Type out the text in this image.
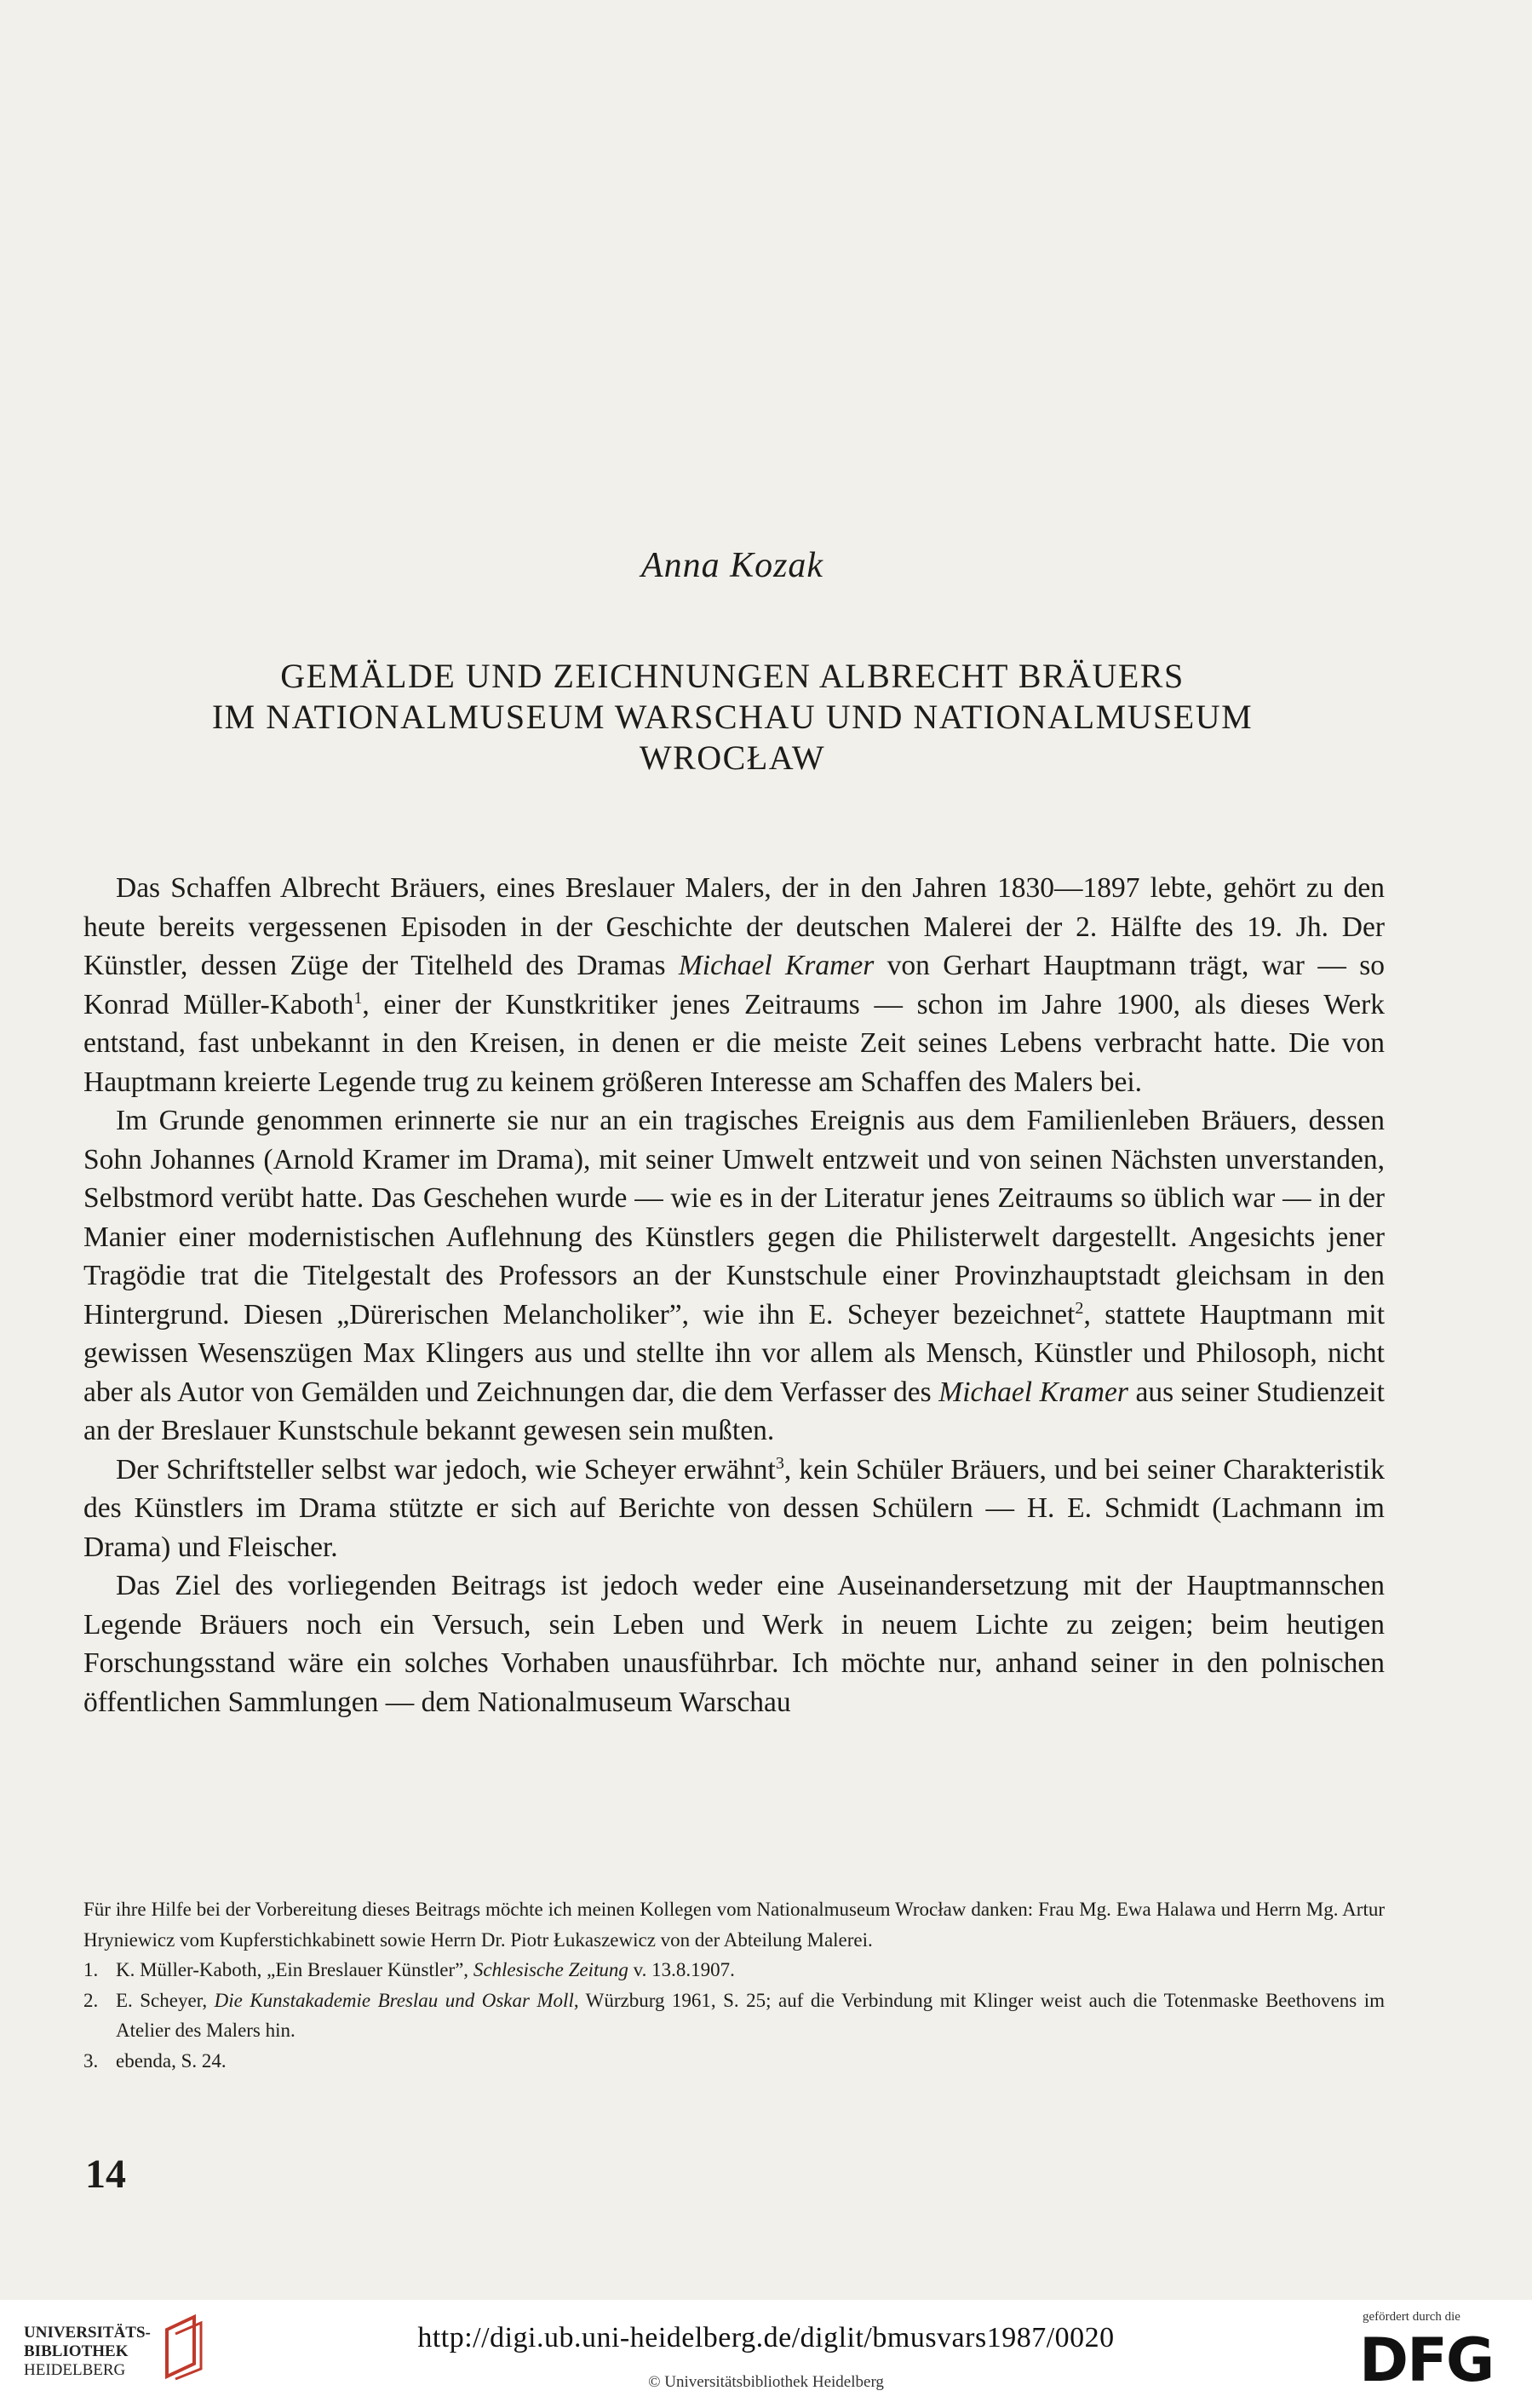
Anna Kozak
GEMÄLDE UND ZEICHNUNGEN ALBRECHT BRÄUERS
IM NATIONALMUSEUM WARSCHAU UND NATIONALMUSEUM
WROCŁAW

Das Schaffen Albrecht Bräuers, eines Breslauer Malers, der in den Jahren 1830—1897 lebte, gehört zu den heute bereits vergessenen Episoden in der Geschichte der deutschen Malerei der 2. Hälfte des 19. Jh. Der Künstler, dessen Züge der Titelheld des Dramas Michael Kramer von Gerhart Hauptmann trägt, war — so Konrad Müller-Kaboth$^1$, einer der Kunstkritiker jenes Zeitraums — schon im Jahre 1900, als dieses Werk entstand, fast unbekannt in den Kreisen, in denen er die meiste Zeit seines Lebens verbracht hatte. Die von Hauptmann kreierte Legende trug zu keinem größeren Interesse am Schaffen des Malers bei.

Im Grunde genommen erinnerte sie nur an ein tragisches Ereignis aus dem Familienleben Bräuers, dessen Sohn Johannes (Arnold Kramer im Drama), mit seiner Umwelt entzweit und von seinen Nächsten unverstanden, Selbstmord verübt hatte. Das Geschehen wurde — wie es in der Literatur jenes Zeitraums so üblich war — in der Manier einer modernistischen Auflehnung des Künstlers gegen die Philisterwelt dargestellt. Angesichts jener Tragödie trat die Titelgestalt des Professors an der Kunstschule einer Provinzhauptstadt gleichsam in den Hintergrund. Diesen „Dürerischen Melancholiker”, wie ihn E. Scheyer bezeichnet$^2$, stattete Hauptmann mit gewissen Wesenszügen Max Klingers aus und stellte ihn vor allem als Mensch, Künstler und Philosoph, nicht aber als Autor von Gemälden und Zeichnungen dar, die dem Verfasser des Michael Kramer aus seiner Studienzeit an der Breslauer Kunstschule bekannt gewesen sein mußten.

Der Schriftsteller selbst war jedoch, wie Scheyer erwähnt$^3$, kein Schüler Bräuers, und bei seiner Charakteristik des Künstlers im Drama stützte er sich auf Berichte von dessen Schülern — H. E. Schmidt (Lachmann im Drama) und Fleischer.

Das Ziel des vorliegenden Beitrags ist jedoch weder eine Auseinandersetzung mit der Hauptmannschen Legende Bräuers noch ein Versuch, sein Leben und Werk in neuem Lichte zu zeigen; beim heutigen Forschungsstand wäre ein solches Vorhaben unausführbar. Ich möchte nur, anhand seiner in den polnischen öffentlichen Sammlungen — dem Nationalmuseum Warschau

Für ihre Hilfe bei der Vorbereitung dieses Beitrags möchte ich meinen Kollegen vom Nationalmuseum Wrocław danken: Frau Mg. Ewa Halawa und Herrn Mg. Artur Hryniewicz vom Kupferstichkabinett sowie Herrn Dr. Piotr Łukaszewicz von der Abteilung Malerei.

1. K. Müller-Kaboth, „Ein Breslauer Künstler”, Schlesische Zeitung v. 13.8.1907.

2. E. Scheyer, Die Kunstakademie Breslau und Oskar Moll, Würzburg 1961, S. 25; auf die Verbindung mit Klinger weist auch die Totenmaske Beethovens im Atelier des Malers hin.

3. ebenda, S. 24.

14
UNIVERSITÄTS-
BIBLIOTHEK
HEIDELBERG
http://digi.ub.uni-heidelberg.de/diglit/bmusvars1987/0020
© Universitätsbibliothek Heidelberg
gefördert durch die
DFG
